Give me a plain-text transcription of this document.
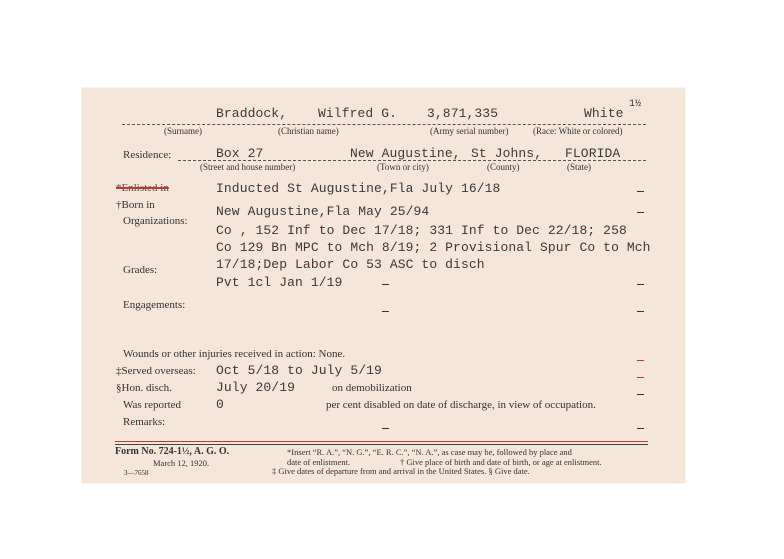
Braddock, Wilfred G. 3,871,335	White
1½
(Surname)	(Christian name)	(Army serial number)	(Race: White or colored)
Residence:	Box 27	New Augustine, St Johns, FLORIDA
(Street and house number)	(Town or city)	(County)	(State)
*Enlisted in	Inducted St Augustine,Fla July 16/18
†Born in	New Augustine,Fla May 25/94
Organizations:
Co , 152 Inf to Dec 17/18; 331 Inf to Dec 22/18; 258
Co 129 Bn MPC to Mch 8/19; 2 Provisional Spur Co to Mch
17/18;Dep Labor Co 53 ASC to disch
Grades:
Pvt 1cl Jan 1/19
Engagements:
Wounds or other injuries received in action: None.
‡Served overseas: Oct 5/18 to July 5/19
§Hon. disch.	July 20/19	on demobilization
Was reported	0	per cent disabled on date of discharge, in view of occupation.
Remarks:
Form No. 724-1½, A. G. O.
March 12, 1920.
3—7658
*Insert “R. A.”, “N. G.”, “E. R. C.”, “N. A.”, as case may be, followed by place and
date of enlistment.	† Give place of birth and date of birth, or age at enlistment.
‡ Give dates of departure from and arrival in the United States. § Give date.
